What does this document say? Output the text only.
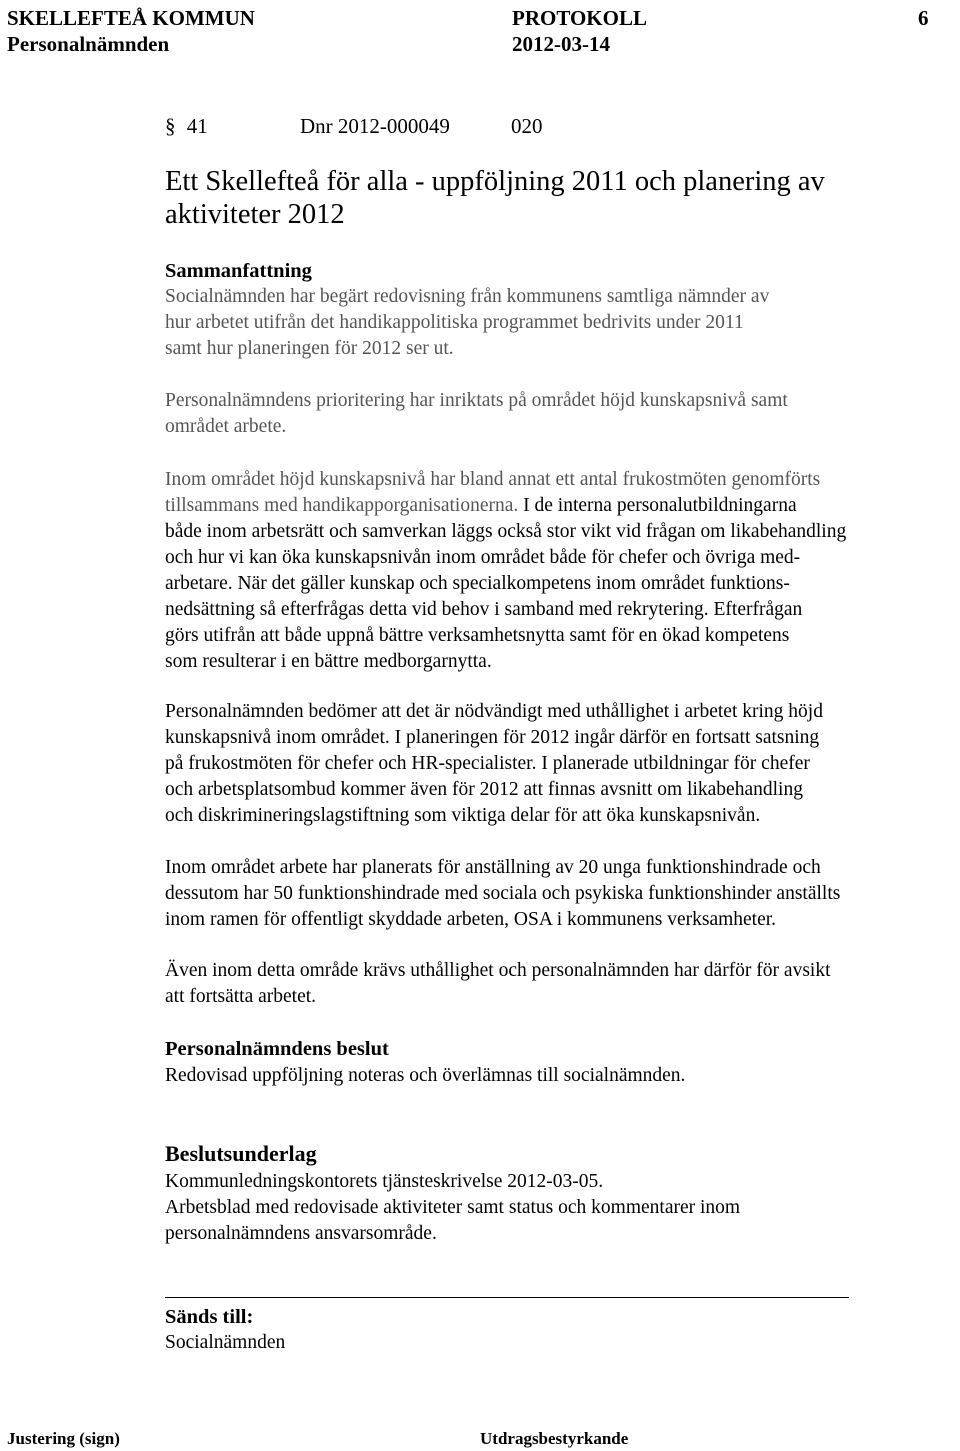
SKELLEFTEÅ KOMMUN	PROTOKOLL	6
Personalnämnden	2012-03-14
§ 41	Dnr 2012-000049	020
Ett Skellefteå för alla - uppföljning 2011 och planering av
aktiviteter 2012
Sammanfattning

Socialnämnden har begärt redovisning från kommunens samtliga nämnder av
hur arbetet utifrån det handikappolitiska programmet bedrivits under 2011
samt hur planeringen för 2012 ser ut.

Personalnämndens prioritering har inriktats på området höjd kunskapsnivå samt
området arbete.

Inom området höjd kunskapsnivå har bland annat ett antal frukostmöten genomförts
tillsammans med handikapporganisationerna. I de interna personalutbildningarna
både inom arbetsrätt och samverkan läggs också stor vikt vid frågan om likabehandling
och hur vi kan öka kunskapsnivån inom området både för chefer och övriga med-
arbetare. När det gäller kunskap och specialkompetens inom området funktions-
nedsättning så efterfrågas detta vid behov i samband med rekrytering. Efterfrågan
görs utifrån att både uppnå bättre verksamhetsnytta samt för en ökad kompetens
som resulterar i en bättre medborgarnytta.

Personalnämnden bedömer att det är nödvändigt med uthållighet i arbetet kring höjd
kunskapsnivå inom området. I planeringen för 2012 ingår därför en fortsatt satsning
på frukostmöten för chefer och HR-specialister. I planerade utbildningar för chefer
och arbetsplatsombud kommer även för 2012 att finnas avsnitt om likabehandling
och diskrimineringslagstiftning som viktiga delar för att öka kunskapsnivån.

Inom området arbete har planerats för anställning av 20 unga funktionshindrade och
dessutom har 50 funktionshindrade med sociala och psykiska funktionshinder anställts
inom ramen för offentligt skyddade arbeten, OSA i kommunens verksamheter.

Även inom detta område krävs uthållighet och personalnämnden har därför för avsikt
att fortsätta arbetet.

Personalnämndens beslut

Redovisad uppföljning noteras och överlämnas till socialnämnden.

Beslutsunderlag

Kommunledningskontorets tjänsteskrivelse 2012-03-05.
Arbetsblad med redovisade aktiviteter samt status och kommentarer inom
personalnämndens ansvarsområde.

Sänds till:

Socialnämnden

Justering (sign)	Utdragsbestyrkande
